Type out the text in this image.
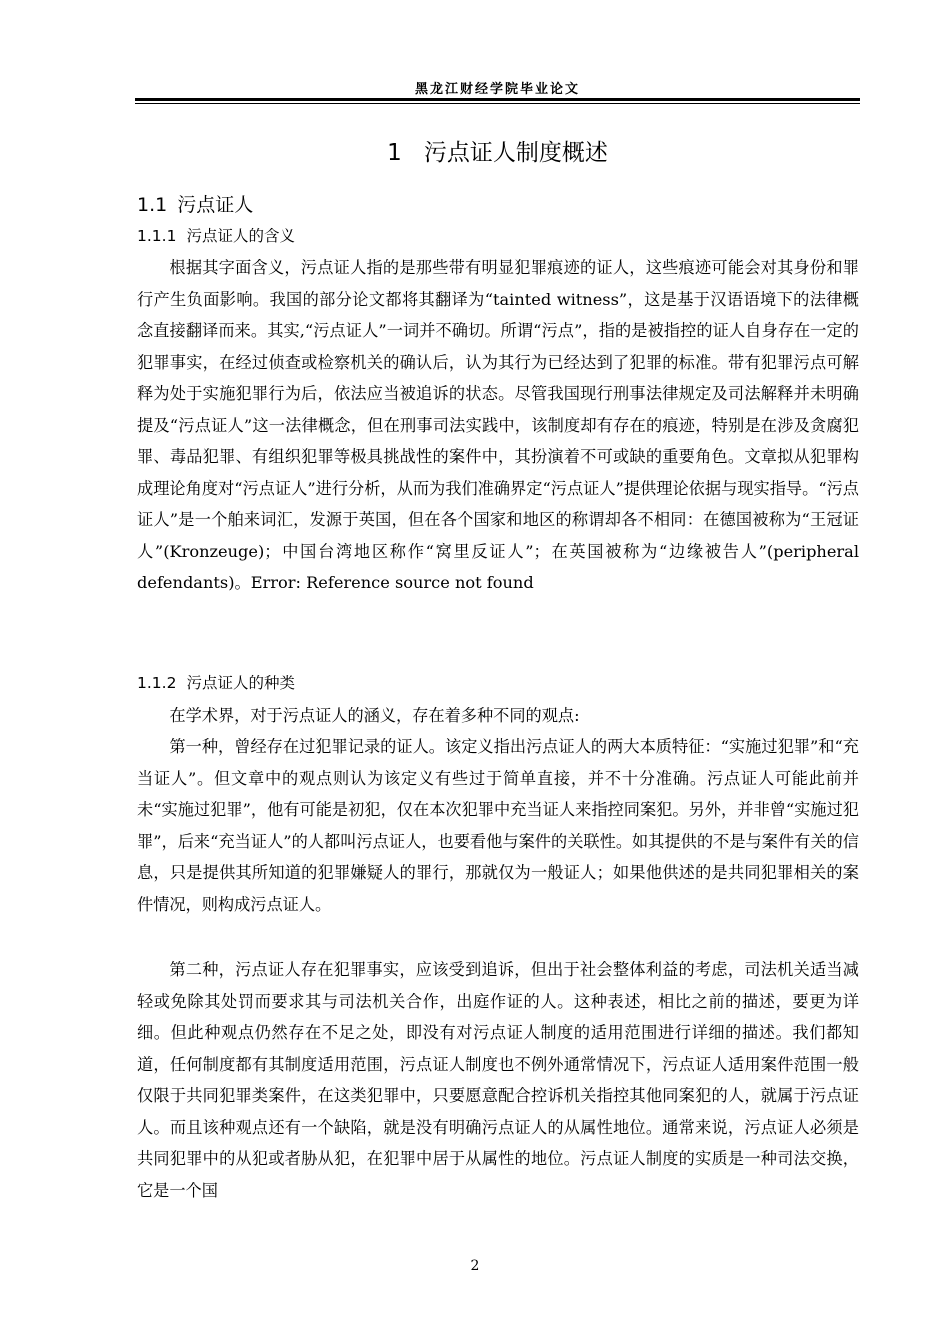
黑龙江财经学院毕业论文
1 污点证人制度概述
1.1 污点证人
1.1.1 污点证人的含义

根据其字面含义，污点证人指的是那些带有明显犯罪痕迹的证人，这些痕迹可能会对其身份和罪行产生负面影响。我国的部分论文都将其翻译为“tainted witness”，这是基于汉语语境下的法律概念直接翻译而来。其实,“污点证人”一词并不确切。所谓“污点”，指的是被指控的证人自身存在一定的犯罪事实，在经过侦查或检察机关的确认后，认为其行为已经达到了犯罪的标准。带有犯罪污点可解释为处于实施犯罪行为后，依法应当被追诉的状态。尽管我国现行刑事法律规定及司法解释并未明确提及“污点证人”这一法律概念，但在刑事司法实践中，该制度却有存在的痕迹，特别是在涉及贪腐犯罪、毒品犯罪、有组织犯罪等极具挑战性的案件中，其扮演着不可或缺的重要角色。文章拟从犯罪构成理论角度对“污点证人”进行分析，从而为我们准确界定“污点证人”提供理论依据与现实指导。“污点证人”是一个舶来词汇，发源于英国，但在各个国家和地区的称谓却各不相同：在德国被称为“王冠证人”(Kronzeuge)；中国台湾地区称作“窝里反证人”；在英国被称为“边缘被告人”(peripheral defendants)。Error: Reference source not found

1.1.2 污点证人的种类

在学术界，对于污点证人的涵义，存在着多种不同的观点:

第一种，曾经存在过犯罪记录的证人。该定义指出污点证人的两大本质特征：“实施过犯罪”和“充当证人”。但文章中的观点则认为该定义有些过于简单直接，并不十分准确。污点证人可能此前并未“实施过犯罪”，他有可能是初犯，仅在本次犯罪中充当证人来指控同案犯。另外，并非曾“实施过犯罪”，后来“充当证人”的人都叫污点证人，也要看他与案件的关联性。如其提供的不是与案件有关的信息，只是提供其所知道的犯罪嫌疑人的罪行，那就仅为一般证人；如果他供述的是共同犯罪相关的案件情况，则构成污点证人。

第二种，污点证人存在犯罪事实，应该受到追诉，但出于社会整体利益的考虑，司法机关适当减轻或免除其处罚而要求其与司法机关合作，出庭作证的人。这种表述，相比之前的描述，要更为详细。但此种观点仍然存在不足之处，即没有对污点证人制度的适用范围进行详细的描述。我们都知道，任何制度都有其制度适用范围，污点证人制度也不例外通常情况下，污点证人适用案件范围一般仅限于共同犯罪类案件，在这类犯罪中，只要愿意配合控诉机关指控其他同案犯的人，就属于污点证人。而且该种观点还有一个缺陷，就是没有明确污点证人的从属性地位。通常来说，污点证人必须是共同犯罪中的从犯或者胁从犯，在犯罪中居于从属性的地位。污点证人制度的实质是一种司法交换，它是一个国

2
